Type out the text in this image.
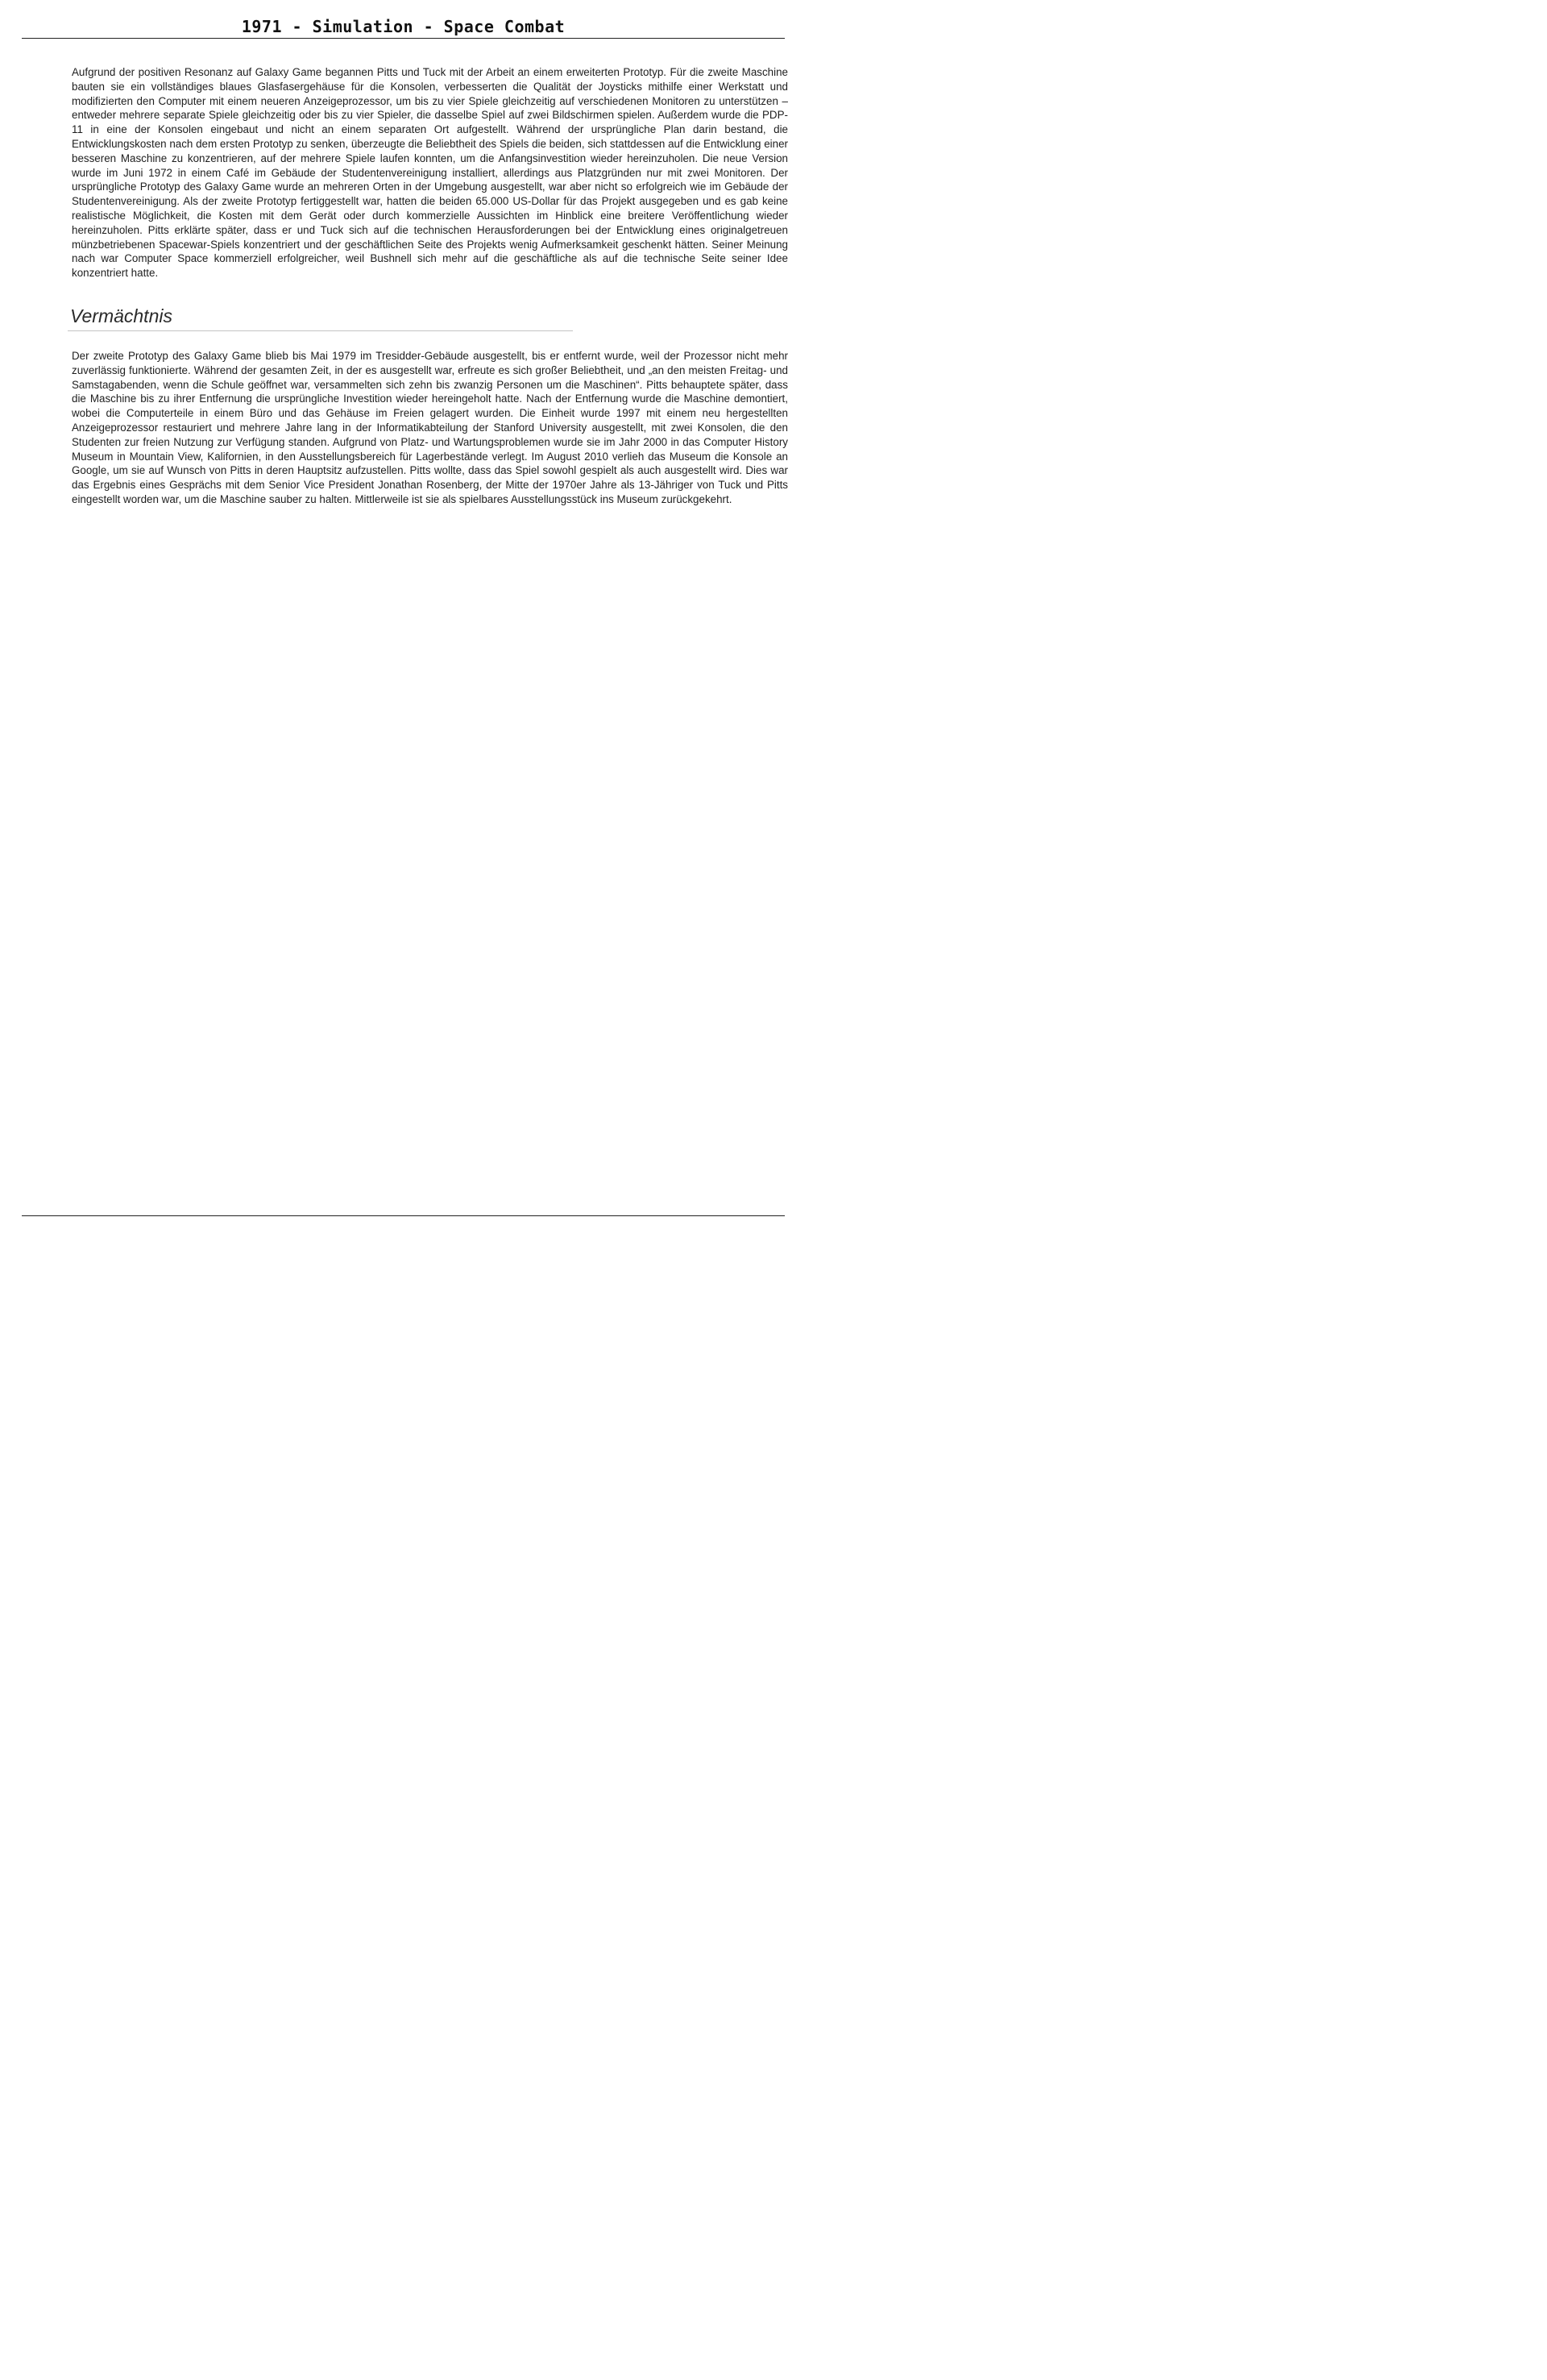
1971 - Simulation - Space Combat

Aufgrund der positiven Resonanz auf Galaxy Game begannen Pitts und Tuck mit der Arbeit an einem erweiterten Prototyp. Für die zweite Maschine bauten sie ein vollständiges blaues Glasfasergehäuse für die Konsolen, verbesserten die Qualität der Joysticks mithilfe einer Werkstatt und modifizierten den Computer mit einem neueren Anzeigeprozessor, um bis zu vier Spiele gleichzeitig auf verschiedenen Monitoren zu unterstützen – entweder mehrere separate Spiele gleichzeitig oder bis zu vier Spieler, die dasselbe Spiel auf zwei Bildschirmen spielen. Außerdem wurde die PDP-11 in eine der Konsolen eingebaut und nicht an einem separaten Ort aufgestellt. Während der ursprüngliche Plan darin bestand, die Entwicklungskosten nach dem ersten Prototyp zu senken, überzeugte die Beliebtheit des Spiels die beiden, sich stattdessen auf die Entwicklung einer besseren Maschine zu konzentrieren, auf der mehrere Spiele laufen konnten, um die Anfangsinvestition wieder hereinzuholen. Die neue Version wurde im Juni 1972 in einem Café im Gebäude der Studentenvereinigung installiert, allerdings aus Platzgründen nur mit zwei Monitoren. Der ursprüngliche Prototyp des Galaxy Game wurde an mehreren Orten in der Umgebung ausgestellt, war aber nicht so erfolgreich wie im Gebäude der Studentenvereinigung. Als der zweite Prototyp fertiggestellt war, hatten die beiden 65.000 US-Dollar für das Projekt ausgegeben und es gab keine realistische Möglichkeit, die Kosten mit dem Gerät oder durch kommerzielle Aussichten im Hinblick eine breitere Veröffentlichung wieder hereinzuholen. Pitts erklärte später, dass er und Tuck sich auf die technischen Herausforderungen bei der Entwicklung eines originalgetreuen münzbetriebenen Spacewar-Spiels konzentriert und der geschäftlichen Seite des Projekts wenig Aufmerksamkeit geschenkt hätten. Seiner Meinung nach war Computer Space kommerziell erfolgreicher, weil Bushnell sich mehr auf die geschäftliche als auf die technische Seite seiner Idee konzentriert hatte.

Vermächtnis

Der zweite Prototyp des Galaxy Game blieb bis Mai 1979 im Tresidder-Gebäude ausgestellt, bis er entfernt wurde, weil der Prozessor nicht mehr zuverlässig funktionierte. Während der gesamten Zeit, in der es ausgestellt war, erfreute es sich großer Beliebtheit, und „an den meisten Freitag- und Samstagabenden, wenn die Schule geöffnet war, versammelten sich zehn bis zwanzig Personen um die Maschinen“. Pitts behauptete später, dass die Maschine bis zu ihrer Entfernung die ursprüngliche Investition wieder hereingeholt hatte. Nach der Entfernung wurde die Maschine demontiert, wobei die Computerteile in einem Büro und das Gehäuse im Freien gelagert wurden. Die Einheit wurde 1997 mit einem neu hergestellten Anzeigeprozessor restauriert und mehrere Jahre lang in der Informatikabteilung der Stanford University ausgestellt, mit zwei Konsolen, die den Studenten zur freien Nutzung zur Verfügung standen. Aufgrund von Platz- und Wartungsproblemen wurde sie im Jahr 2000 in das Computer History Museum in Mountain View, Kalifornien, in den Ausstellungsbereich für Lagerbestände verlegt. Im August 2010 verlieh das Museum die Konsole an Google, um sie auf Wunsch von Pitts in deren Hauptsitz aufzustellen. Pitts wollte, dass das Spiel sowohl gespielt als auch ausgestellt wird. Dies war das Ergebnis eines Gesprächs mit dem Senior Vice President Jonathan Rosenberg, der Mitte der 1970er Jahre als 13-Jähriger von Tuck und Pitts eingestellt worden war, um die Maschine sauber zu halten. Mittlerweile ist sie als spielbares Ausstellungsstück ins Museum zurückgekehrt.
